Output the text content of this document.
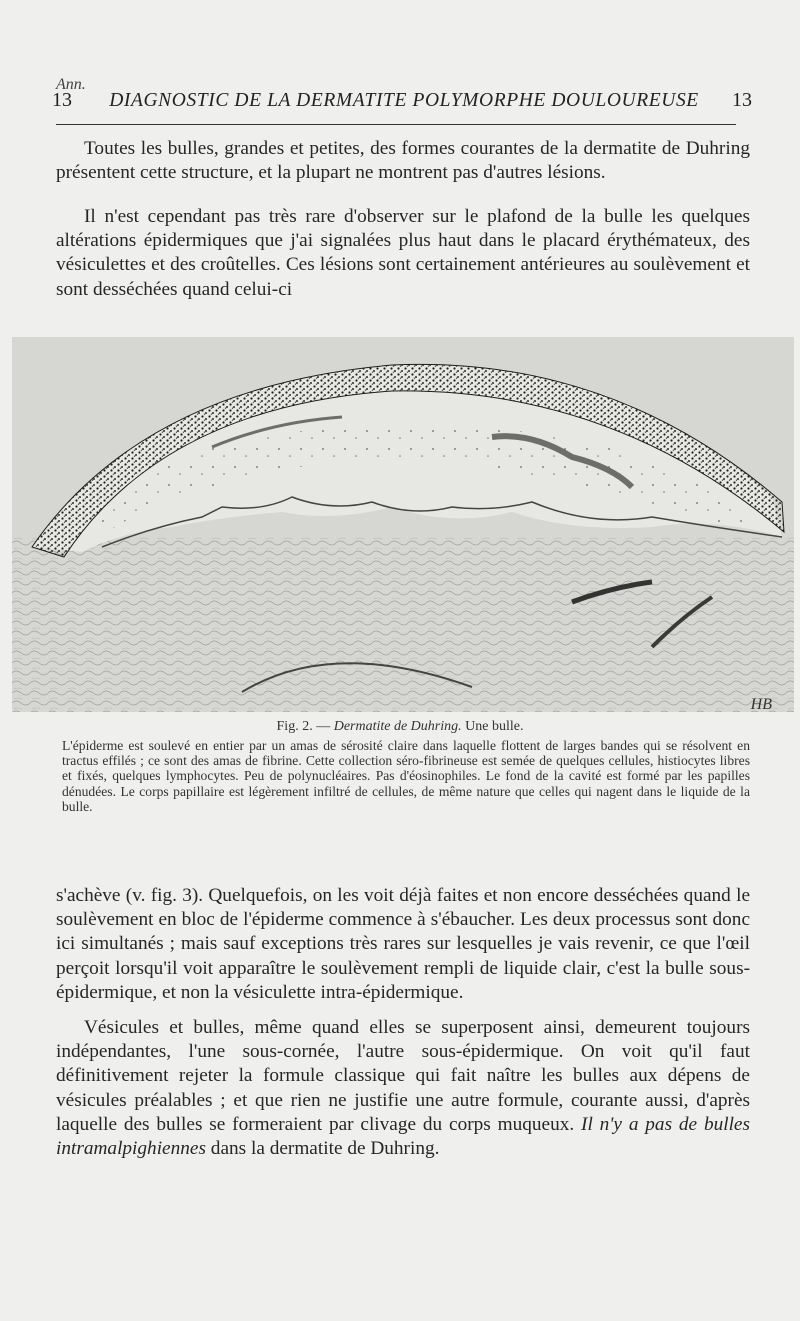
Ann.
13	DIAGNOSTIC DE LA DERMATITE POLYMORPHE DOULOUREUSE	13

Toutes les bulles, grandes et petites, des formes courantes de la dermatite de Duhring présentent cette structure, et la plupart ne montrent pas d'autres lésions.

Il n'est cependant pas très rare d'observer sur le plafond de la bulle les quelques altérations épidermiques que j'ai signalées plus haut dans le placard érythémateux, des vésiculettes et des croûtelles. Ces lésions sont certainement antérieures au soulèvement et sont desséchées quand celui-ci

HB

Fig. 2. — Dermatite de Duhring. Une bulle.

L'épiderme est soulevé en entier par un amas de sérosité claire dans laquelle flottent de larges bandes qui se résolvent en tractus effilés ; ce sont des amas de fibrine. Cette collection séro-fibrineuse est semée de quelques cellules, histiocytes libres et fixés, quelques lymphocytes. Peu de polynucléaires. Pas d'éosinophiles. Le fond de la cavité est formé par les papilles dénudées. Le corps papillaire est légèrement infiltré de cellules, de même nature que celles qui nagent dans le liquide de la bulle.

s'achève (v. fig. 3). Quelquefois, on les voit déjà faites et non encore desséchées quand le soulèvement en bloc de l'épiderme commence à s'ébaucher. Les deux processus sont donc ici simultanés ; mais sauf exceptions très rares sur lesquelles je vais revenir, ce que l'œil perçoit lorsqu'il voit apparaître le soulèvement rempli de liquide clair, c'est la bulle sous-épidermique, et non la vésiculette intra-épidermique.

Vésicules et bulles, même quand elles se superposent ainsi, demeurent toujours indépendantes, l'une sous-cornée, l'autre sous-épidermique. On voit qu'il faut définitivement rejeter la formule classique qui fait naître les bulles aux dépens de vésicules préalables ; et que rien ne justifie une autre formule, courante aussi, d'après laquelle des bulles se formeraient par clivage du corps muqueux. Il n'y a pas de bulles intramalpighiennes dans la dermatite de Duhring.
